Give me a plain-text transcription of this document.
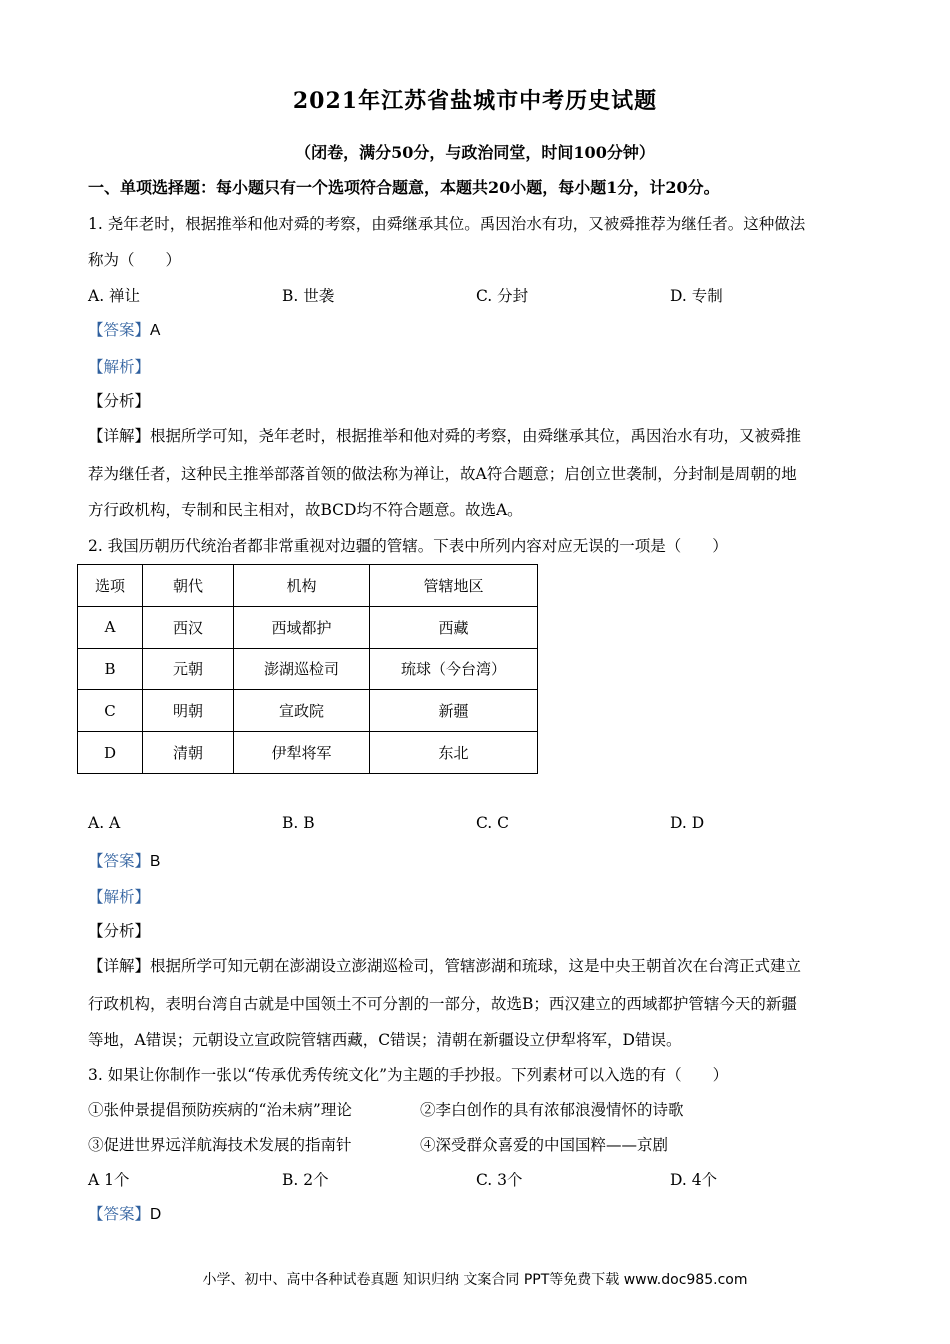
2021年江苏省盐城市中考历史试题
（闭卷，满分50分，与政治同堂，时间100分钟）
一、单项选择题：每小题只有一个选项符合题意，本题共20小题，每小题1分，计20分。
1. 尧年老时，根据推举和他对舜的考察，由舜继承其位。禹因治水有功，又被舜推荐为继任者。这种做法
称为（　　）
A. 禅让	B. 世袭	C. 分封	D. 专制
【答案】A
【解析】
【分析】
【详解】根据所学可知，尧年老时，根据推举和他对舜的考察，由舜继承其位，禹因治水有功，又被舜推
荐为继任者，这种民主推举部落首领的做法称为禅让，故A符合题意；启创立世袭制，分封制是周朝的地
方行政机构，专制和民主相对，故BCD均不符合题意。故选A。
2. 我国历朝历代统治者都非常重视对边疆的管辖。下表中所列内容对应无误的一项是（　　）
选项	朝代	机构	管辖地区
A	西汉	西域都护	西藏
B	元朝	澎湖巡检司	琉球（今台湾）
C	明朝	宣政院	新疆
D	清朝	伊犁将军	东北
A. A	B. B	C. C	D. D
【答案】B
【解析】
【分析】
【详解】根据所学可知元朝在澎湖设立澎湖巡检司，管辖澎湖和琉球，这是中央王朝首次在台湾正式建立
行政机构，表明台湾自古就是中国领土不可分割的一部分，故选B；西汉建立的西域都护管辖今天的新疆
等地，A错误；元朝设立宣政院管辖西藏，C错误；清朝在新疆设立伊犁将军，D错误。
3. 如果让你制作一张以“传承优秀传统文化”为主题的手抄报。下列素材可以入选的有（　　）
①张仲景提倡预防疾病的“治未病”理论	②李白创作的具有浓郁浪漫情怀的诗歌
③促进世界远洋航海技术发展的指南针	④深受群众喜爱的中国国粹——京剧
A 1个	B. 2个	C. 3个	D. 4个
【答案】D
小学、初中、高中各种试卷真题 知识归纳 文案合同 PPT等免费下载 www.doc985.com
